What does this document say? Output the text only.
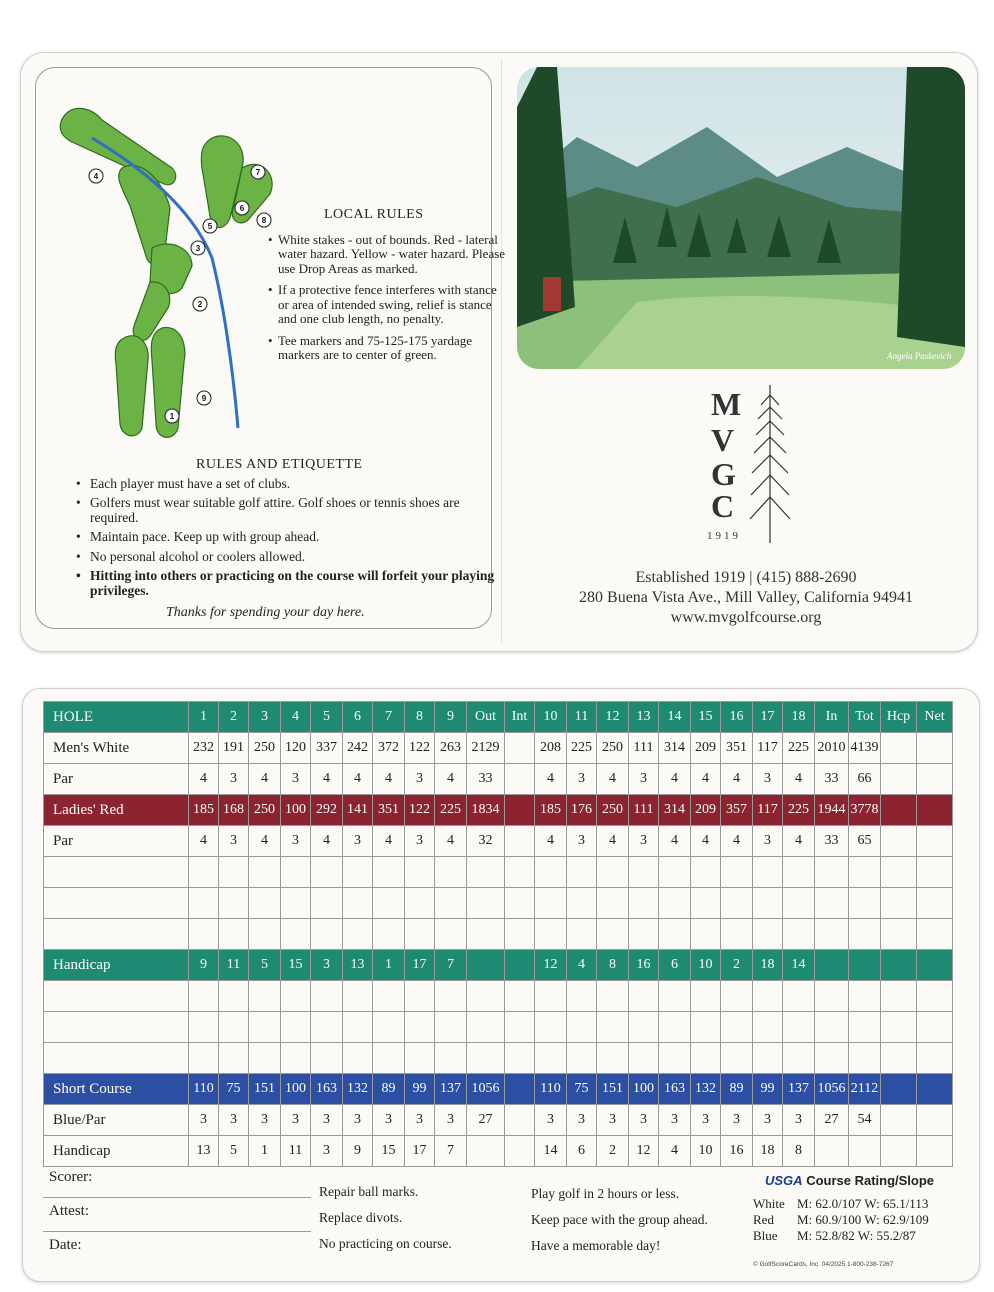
1
2
3
4
5
6
7
8
9
LOCAL RULES
• White stakes - out of bounds. Red - lateral water hazard. Yellow - water hazard. Please use Drop Areas as marked.
• If a protective fence interferes with stance or area of intended swing, relief is stance and one club length, no penalty.
• Tee markers and 75-125-175 yardage markers are to center of green.
RULES AND ETIQUETTE
• Each player must have a set of clubs.
• Golfers must wear suitable golf attire. Golf shoes or tennis shoes are required.
• Maintain pace. Keep up with group ahead.
• No personal alcohol or coolers allowed.
• Hitting into others or practicing on the course will forfeit your playing privileges.
Thanks for spending your day here.
Angela Paskevich
M
V
G
C
1919
Established 1919 | (415) 888-2690
280 Buena Vista Ave., Mill Valley, California 94941
www.mvgolfcourse.org
HOLE	1	2	3	4	5	6	7	8	9	Out	Int	10	11	12	13	14	15	16	17	18	In	Tot	Hcp	Net
Men's White	232	191	250	120	337	242	372	122	263	2129		208	225	250	111	314	209	351	117	225	2010	4139		
Par	4	3	4	3	4	4	4	3	4	33		4	3	4	3	4	4	4	3	4	33	66		
Ladies' Red	185	168	250	100	292	141	351	122	225	1834		185	176	250	111	314	209	357	117	225	1944	3778		
Par	4	3	4	3	4	3	4	3	4	32		4	3	4	3	4	4	4	3	4	33	65		

Handicap	9	11	5	15	3	13	1	17	7			12	4	8	16	6	10	2	18	14				

Short Course	110	75	151	100	163	132	89	99	137	1056		110	75	151	100	163	132	89	99	137	1056	2112		
Blue/Par	3	3	3	3	3	3	3	3	3	27		3	3	3	3	3	3	3	3	3	27	54		
Handicap	13	5	1	11	3	9	15	17	7			14	6	2	12	4	10	16	18	8				
Scorer:
Attest:
Date:
Repair ball marks.
Replace divots.
No practicing on course.
Play golf in 2 hours or less.
Keep pace with the group ahead.
Have a memorable day!
USGA Course Rating/Slope
White M: 62.0/107 W: 65.1/113
Red M: 60.9/100 W: 62.9/109
Blue M: 52.8/82 W: 55.2/87
© GolfScoreCards, Inc. 04/2025 1-800-238-7267
